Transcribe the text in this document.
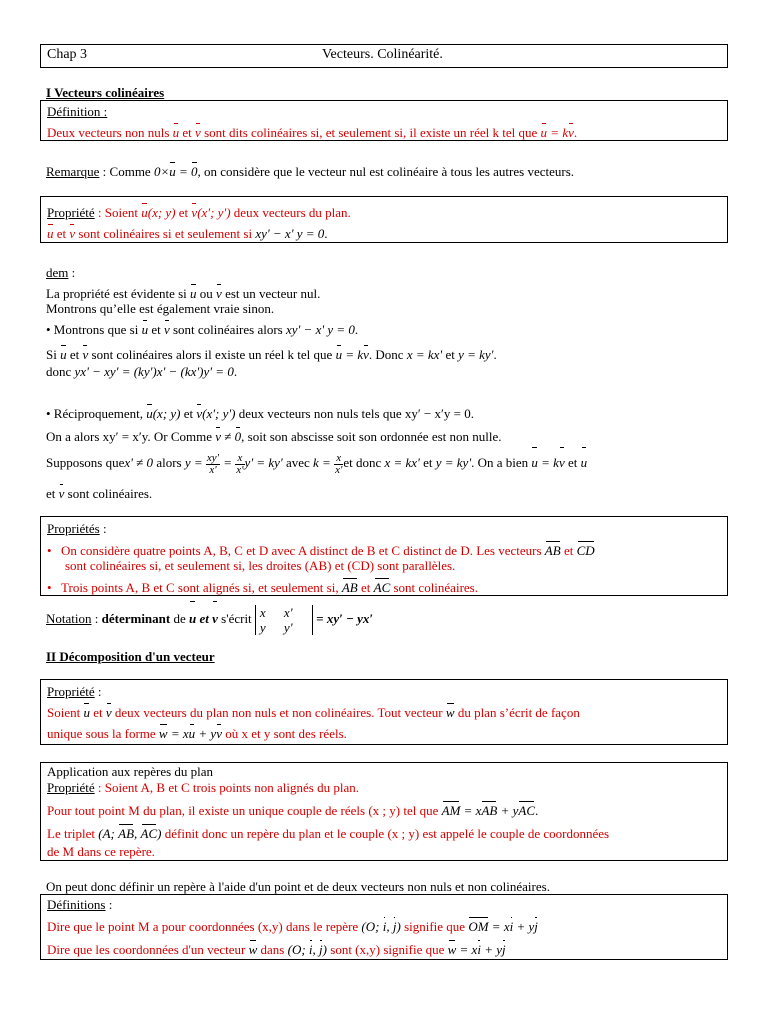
Chap 3	Vecteurs. Colinéarité.
I Vecteurs colinéaires
Définition :
Deux vecteurs non nuls u et v sont dits colinéaires si, et seulement si, il existe un réel k tel que u = kv.
Remarque : Comme 0×u = 0, on considère que le vecteur nul est colinéaire à tous les autres vecteurs.
Propriété : Soient u(x; y) et v(x'; y') deux vecteurs du plan.
u et v sont colinéaires si et seulement si xy' − x' y = 0.
dem :
La propriété est évidente si u ou v est un vecteur nul.
Montrons qu’elle est également vraie sinon.
• Montrons que si u et v sont colinéaires alors xy' − x' y = 0.
Si u et v sont colinéaires alors il existe un réel k tel que u = kv. Donc x = kx' et y = ky'.
donc yx' − xy' = (ky')x' − (kx')y' = 0.
• Réciproquement, u(x; y) et v(x'; y') deux vecteurs non nuls tels que xy′ − x′y = 0.
On a alors xy′ = x′y. Or Comme v ≠ 0, soit son abscisse soit son ordonnée est non nulle.
Supposons quex' ≠ 0 alors $y = \frac{xy'}{x'} = \frac{x}{x'} y' = ky'$ avec $k = \frac{x}{x'}$ et donc x = kx' et y = ky'. On a bien u = kv et u
et v sont colinéaires.
Propriétés :
• On considère quatre points A, B, C et D avec A distinct de B et C distinct de D. Les vecteurs AB et CD
sont colinéaires si, et seulement si, les droites (AB) et (CD) sont parallèles.
• Trois points A, B et C sont alignés si, et seulement si, AB et AC sont colinéaires.
Notation : déterminant de u et v s'écrit x x'
y y' = xy′ − yx′
II Décomposition d'un vecteur
Propriété :
Soient u et v deux vecteurs du plan non nuls et non colinéaires. Tout vecteur w du plan s’écrit de façon
unique sous la forme w = xu + yv où x et y sont des réels.
Application aux repères du plan
Propriété : Soient A, B et C trois points non alignés du plan.
Pour tout point M du plan, il existe un unique couple de réels (x ; y) tel que AM = xAB + yAC.
Le triplet (A; AB, AC) définit donc un repère du plan et le couple (x ; y) est appelé le couple de coordonnées
de M dans ce repère.
On peut donc définir un repère à l'aide d'un point et de deux vecteurs non nuls et non colinéaires.
Définitions :
Dire que le point M a pour coordonnées (x,y) dans le repère (O; i, j) signifie que OM = xi + yj
Dire que les coordonnées d'un vecteur w dans (O; i, j) sont (x,y) signifie que w = xi + yj
